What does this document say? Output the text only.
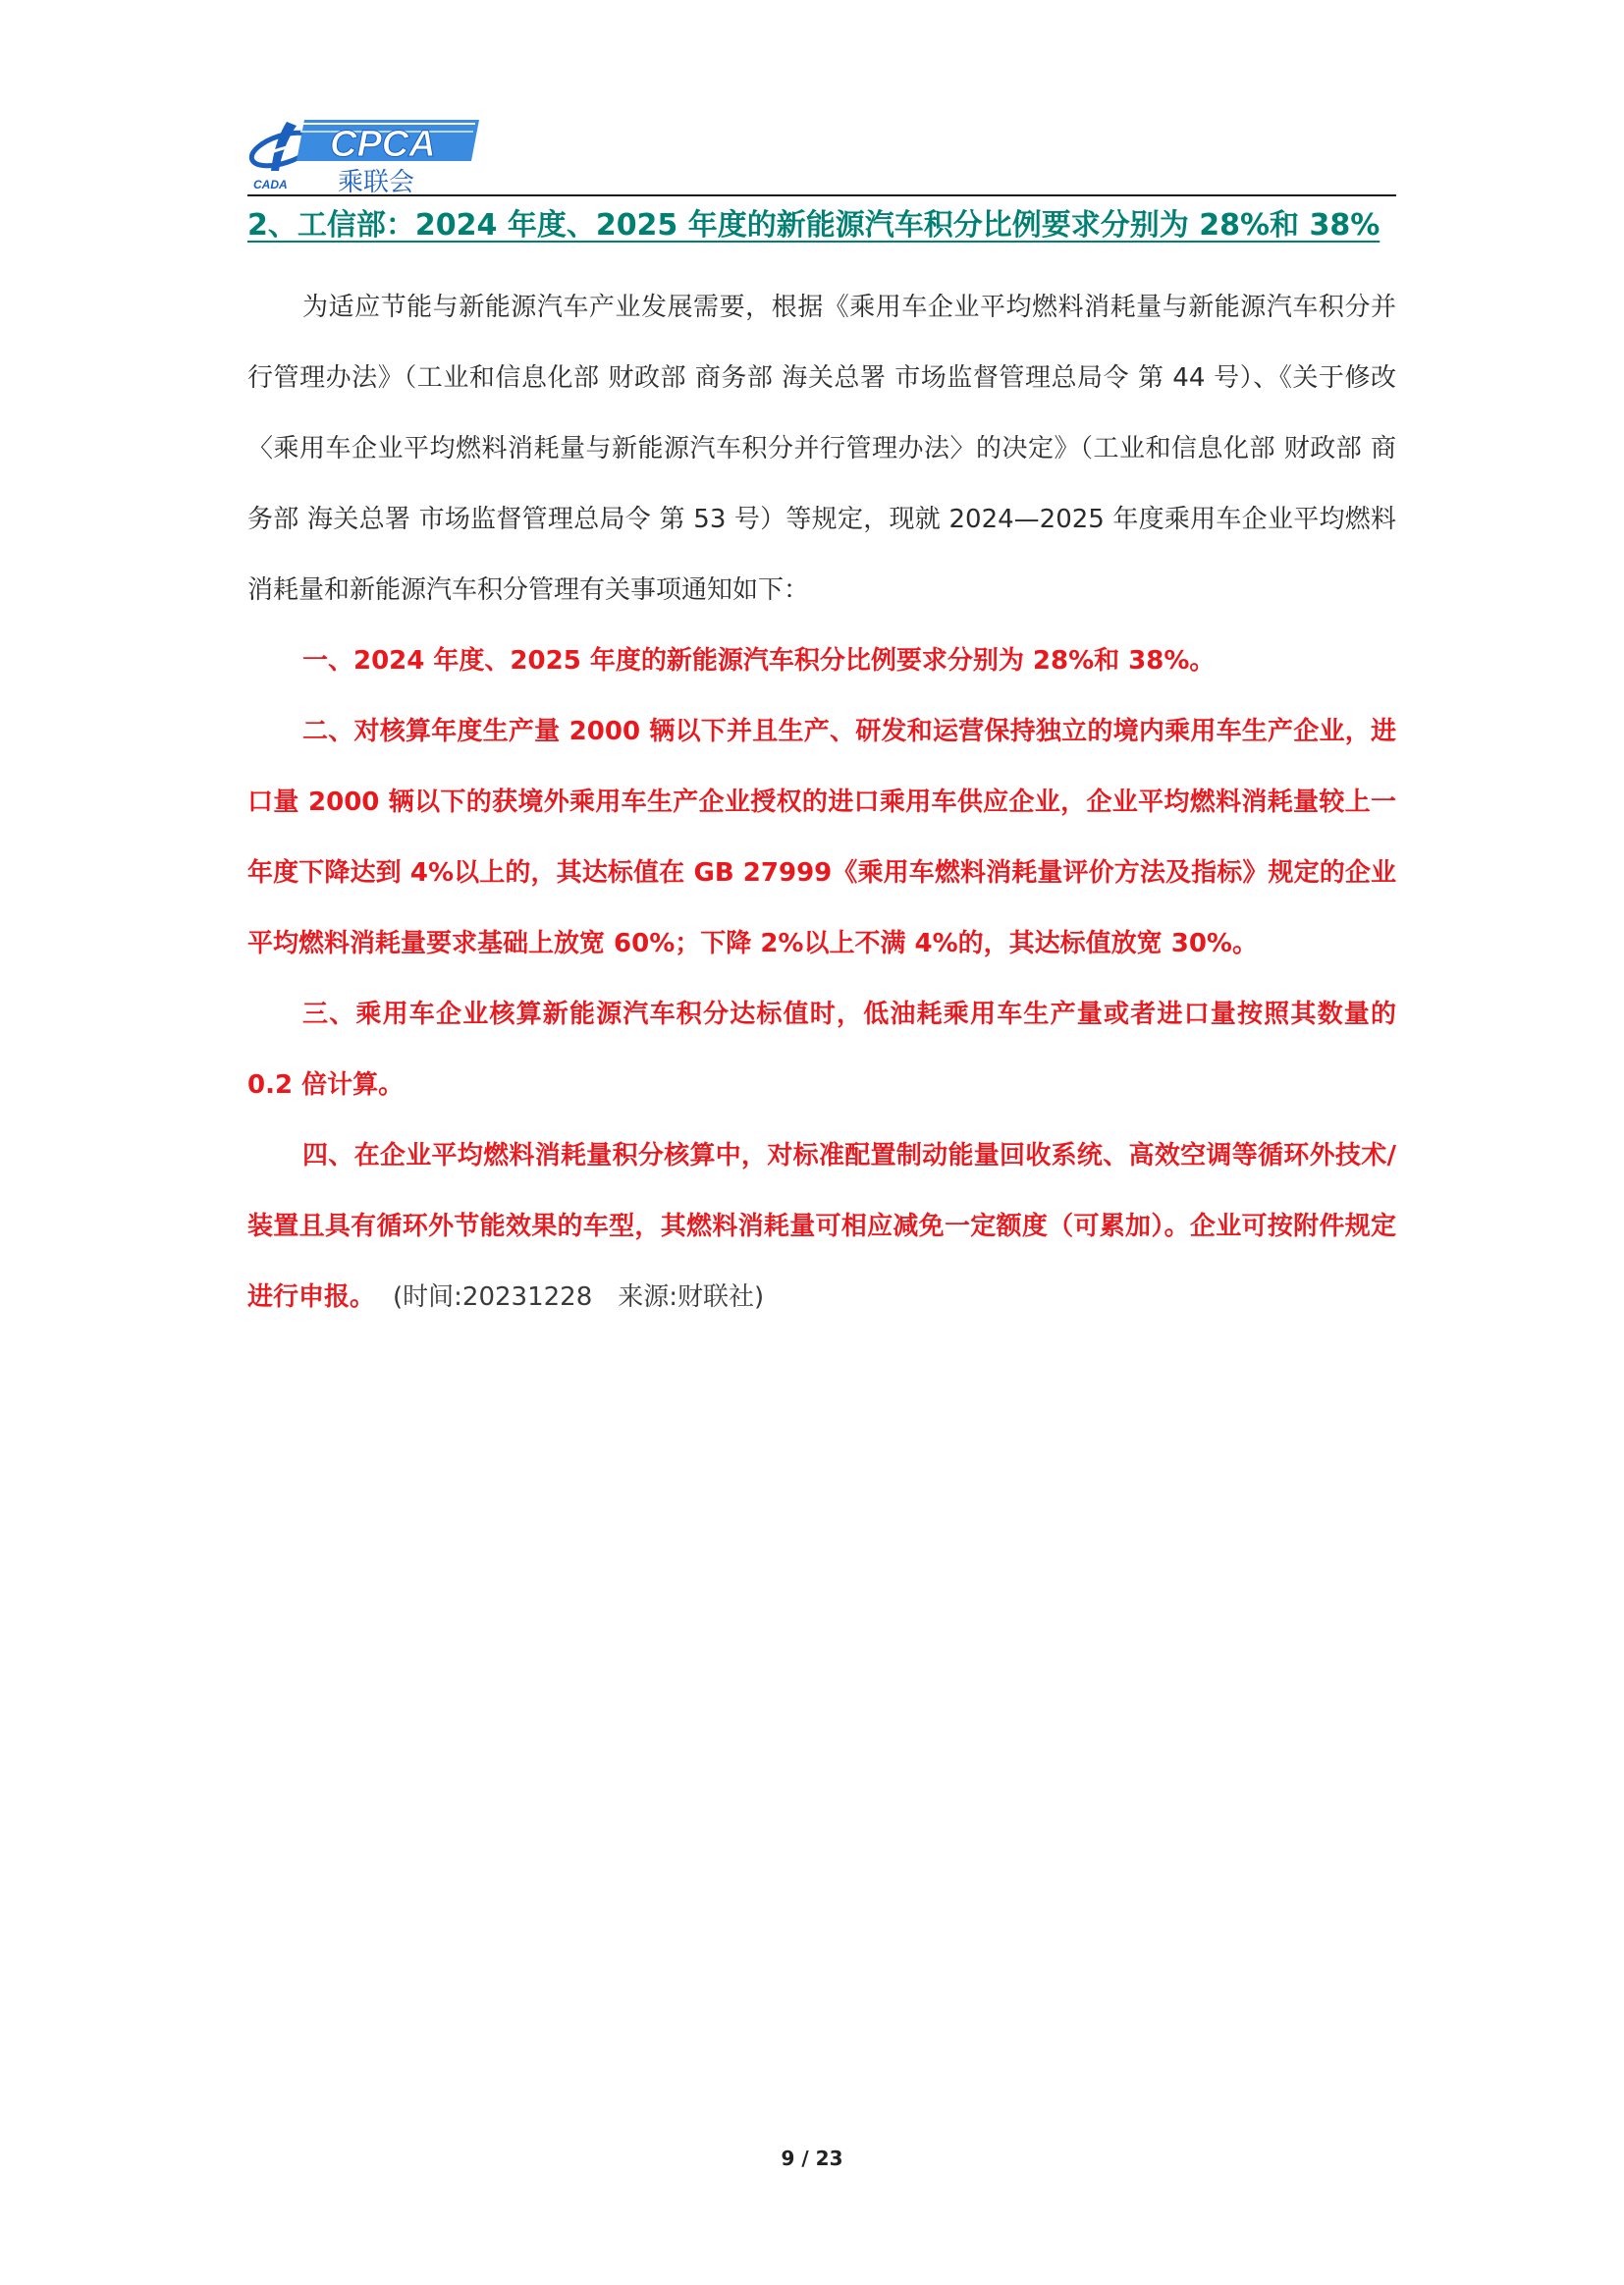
CADA
CPCA
乘联会
2、工信部：2024 年度、2025 年度的新能源汽车积分比例要求分别为 28%和 38%

为适应节能与新能源汽车产业发展需要，根据《乘用车企业平均燃料消耗量与新能源汽车积分并行管理办法》（工业和信息化部 财政部 商务部 海关总署 市场监督管理总局令 第 44 号）、《关于修改〈乘用车企业平均燃料消耗量与新能源汽车积分并行管理办法〉的决定》（工业和信息化部 财政部 商务部 海关总署 市场监督管理总局令 第 53 号）等规定，现就 2024—2025 年度乘用车企业平均燃料消耗量和新能源汽车积分管理有关事项通知如下：

一、2024 年度、2025 年度的新能源汽车积分比例要求分别为 28%和 38%。

二、对核算年度生产量 2000 辆以下并且生产、研发和运营保持独立的境内乘用车生产企业，进口量 2000 辆以下的获境外乘用车生产企业授权的进口乘用车供应企业，企业平均燃料消耗量较上一年度下降达到 4%以上的，其达标值在 GB 27999《乘用车燃料消耗量评价方法及指标》规定的企业平均燃料消耗量要求基础上放宽 60%；下降 2%以上不满 4%的，其达标值放宽 30%。

三、乘用车企业核算新能源汽车积分达标值时，低油耗乘用车生产量或者进口量按照其数量的 0.2 倍计算。

四、在企业平均燃料消耗量积分核算中，对标准配置制动能量回收系统、高效空调等循环外技术/装置且具有循环外节能效果的车型，其燃料消耗量可相应减免一定额度（可累加）。企业可按附件规定进行申报。 (时间:20231228　来源:财联社)

9 / 23
